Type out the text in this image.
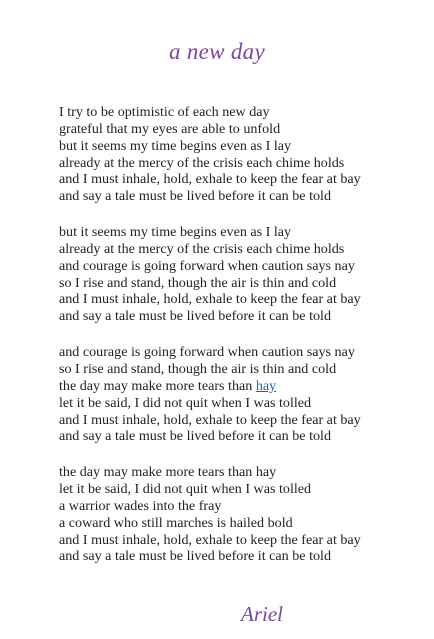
a new day
I try to be optimistic of each new day
grateful that my eyes are able to unfold
but it seems my time begins even as I lay
already at the mercy of the crisis each chime holds
and I must inhale, hold, exhale to keep the fear at bay
and say a tale must be lived before it can be told
but it seems my time begins even as I lay
already at the mercy of the crisis each chime holds
and courage is going forward when caution says nay
so I rise and stand, though the air is thin and cold
and I must inhale, hold, exhale to keep the fear at bay
and say a tale must be lived before it can be told
and courage is going forward when caution says nay
so I rise and stand, though the air is thin and cold
the day may make more tears than hay
let it be said, I did not quit when I was tolled
and I must inhale, hold, exhale to keep the fear at bay
and say a tale must be lived before it can be told
the day may make more tears than hay
let it be said, I did not quit when I was tolled
a warrior wades into the fray
a coward who still marches is hailed bold
and I must inhale, hold, exhale to keep the fear at bay
and say a tale must be lived before it can be told
Ariel
